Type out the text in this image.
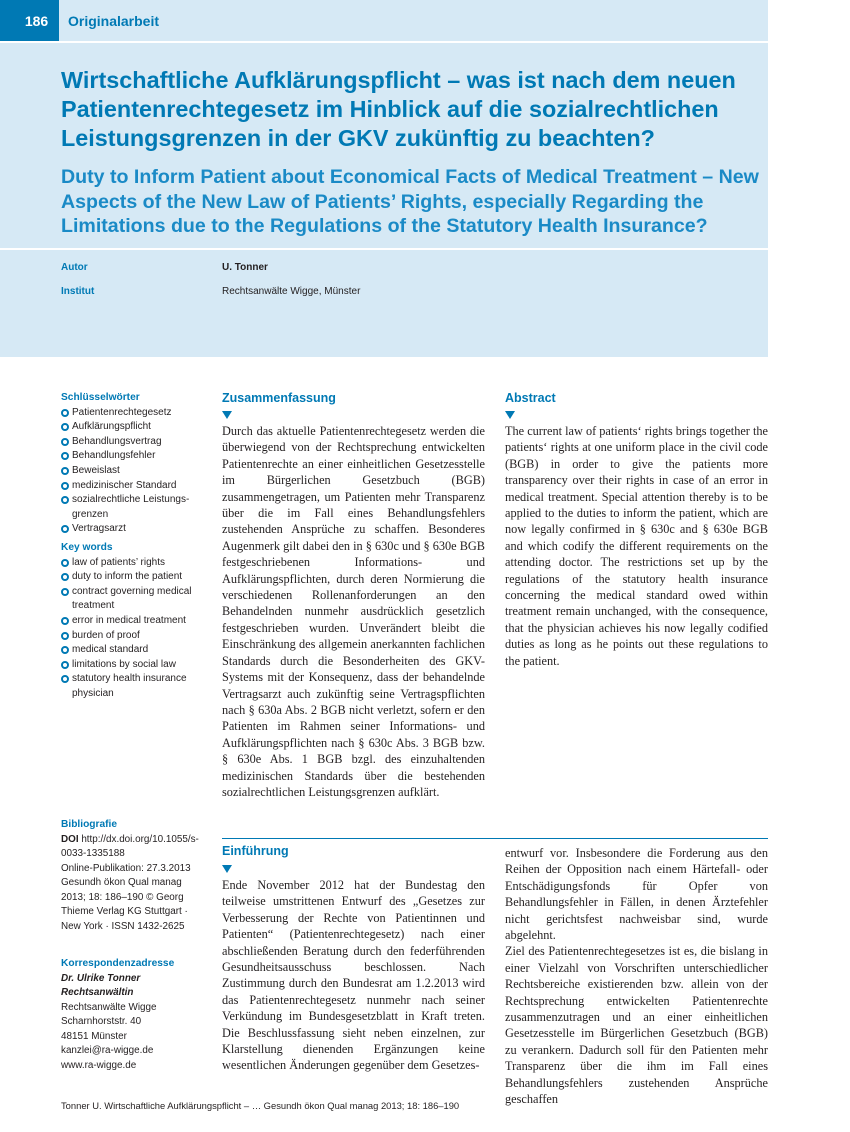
186	Originalarbeit
Wirtschaftliche Aufklärungspflicht – was ist nach dem neuen Patientenrechtegesetz im Hinblick auf die sozialrechtlichen Leistungsgrenzen in der GKV zukünftig zu beachten?
Duty to Inform Patient about Economical Facts of Medical Treatment – New Aspects of the New Law of Patients’ Rights, especially Regarding the Limitations due to the Regulations of the Statutory Health Insurance?
Autor	U. Tonner
Institut	Rechtsanwälte Wigge, Münster
Schlüsselwörter
Patientenrechtegesetz
Aufklärungspflicht
Behandlungsvertrag
Behandlungsfehler
Beweislast
medizinischer Standard
sozialrechtliche Leistungs-grenzen
Vertragsarzt
Key words
law of patients’ rights
duty to inform the patient
contract governing medical treatment
error in medical treatment
burden of proof
medical standard
limitations by social law
statutory health insurance physician
Bibliografie
DOI http://dx.doi.org/10.1055/s-0033-1335188
Online-Publikation: 27.3.2013
Gesundh ökon Qual manag 2013; 18: 186–190 © Georg Thieme Verlag KG Stuttgart · New York · ISSN 1432-2625
Korrespondenzadresse
Dr. Ulrike Tonner
Rechtsanwältin
Rechtsanwälte Wigge
Scharnhorststr. 40
48151 Münster
kanzlei@ra-wigge.de
www.ra-wigge.de
Zusammenfassung
Durch das aktuelle Patientenrechtegesetz werden die überwiegend von der Rechtsprechung entwickelten Patientenrechte an einer einheitlichen Gesetzesstelle im Bürgerlichen Gesetzbuch (BGB) zusammengetragen, um Patienten mehr Transparenz über die im Fall eines Behandlungsfehlers zustehenden Ansprüche zu schaffen. Besonderes Augenmerk gilt dabei den in § 630c und § 630e BGB festgeschriebenen Informations- und Aufklärungspflichten, durch deren Normierung die verschiedenen Rollenanforderungen an den Behandelnden nunmehr ausdrücklich gesetzlich festgeschrieben wurden. Unverändert bleibt die Einschränkung des allgemein anerkannten fachlichen Standards durch die Besonderheiten des GKV-Systems mit der Konsequenz, dass der behandelnde Vertragsarzt auch zukünftig seine Vertragspflichten nach § 630a Abs. 2 BGB nicht verletzt, sofern er den Patienten im Rahmen seiner Informations- und Aufklärungspflichten nach § 630c Abs. 3 BGB bzw. § 630e Abs. 1 BGB bzgl. des einzuhaltenden medizinischen Standards über die bestehenden sozialrechtlichen Leistungsgrenzen aufklärt.
Abstract
The current law of patients‘ rights brings together the patients‘ rights at one uniform place in the civil code (BGB) in order to give the patients more transparency over their rights in case of an error in medical treatment. Special attention thereby is to be applied to the duties to inform the patient, which are now legally confirmed in § 630c and § 630e BGB and which codify the different requirements on the attending doctor. The restrictions set up by the regulations of the statutory health insurance concerning the medical standard owed within treatment remain unchanged, with the consequence, that the physician achieves his now legally codified duties as long as he points out these regulations to the patient.
Einführung
Ende November 2012 hat der Bundestag den teilweise umstrittenen Entwurf des „Gesetzes zur Verbesserung der Rechte von Patientinnen und Patienten“ (Patientenrechtegesetz) nach einer abschließenden Beratung durch den federführenden Gesundheitsausschuss beschlossen. Nach Zustimmung durch den Bundesrat am 1.2.2013 wird das Patientenrechtegesetz nunmehr nach seiner Verkündung im Bundesgesetzblatt in Kraft treten. Die Beschlussfassung sieht neben einzelnen, zur Klarstellung dienenden Ergänzungen keine wesentlichen Änderungen gegenüber dem Gesetzes-

entwurf vor. Insbesondere die Forderung aus den Reihen der Opposition nach einem Härtefall- oder Entschädigungsfonds für Opfer von Behandlungsfehler in Fällen, in denen Ärztefehler nicht gerichtsfest nachweisbar sind, wurde abgelehnt.

Ziel des Patientenrechtegesetzes ist es, die bislang in einer Vielzahl von Vorschriften unterschiedlicher Rechtsbereiche existierenden bzw. allein von der Rechtsprechung entwickelten Patientenrechte zusammenzutragen und an einer einheitlichen Gesetzesstelle im Bürgerlichen Gesetzbuch (BGB) zu verankern. Dadurch soll für den Patienten mehr Transparenz über die ihm im Fall eines Behandlungsfehlers zustehenden Ansprüche geschaffen

Tonner U. Wirtschaftliche Aufklärungspflicht – … Gesundh ökon Qual manag 2013; 18: 186–190
